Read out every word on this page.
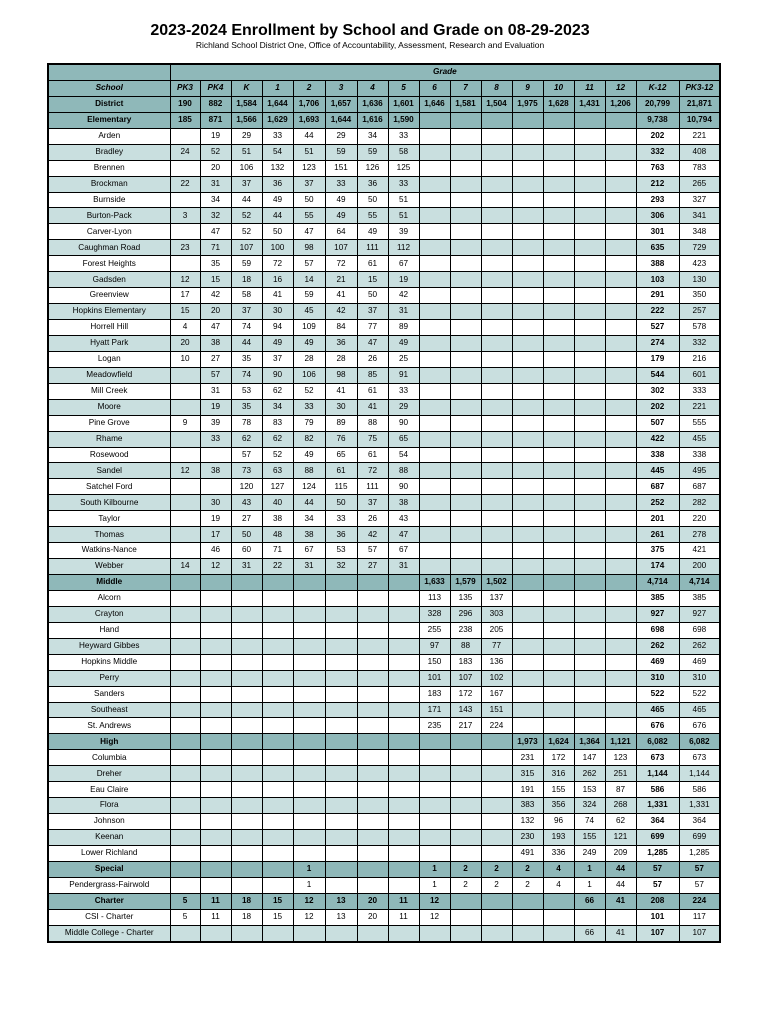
2023-2024 Enrollment by School and Grade on 08-29-2023
Richland School District One, Office of Accountability, Assessment, Research and Evaluation
	Grade																
School	PK3	PK4	K	1	2	3	4	5	6	7	8	9	10	11	12	K-12	PK3-12
District	190	882	1,584	1,644	1,706	1,657	1,636	1,601	1,646	1,581	1,504	1,975	1,628	1,431	1,206	20,799	21,871
Elementary	185	871	1,566	1,629	1,693	1,644	1,616	1,590								9,738	10,794
Arden		19	29	33	44	29	34	33								202	221
Bradley	24	52	51	54	51	59	59	58								332	408
Brennen		20	106	132	123	151	126	125								763	783
Brockman	22	31	37	36	37	33	36	33								212	265
Burnside		34	44	49	50	49	50	51								293	327
Burton-Pack	3	32	52	44	55	49	55	51								306	341
Carver-Lyon		47	52	50	47	64	49	39								301	348
Caughman Road	23	71	107	100	98	107	111	112								635	729
Forest Heights		35	59	72	57	72	61	67								388	423
Gadsden	12	15	18	16	14	21	15	19								103	130
Greenview	17	42	58	41	59	41	50	42								291	350
Hopkins Elementary	15	20	37	30	45	42	37	31								222	257
Horrell Hill	4	47	74	94	109	84	77	89								527	578
Hyatt Park	20	38	44	49	49	36	47	49								274	332
Logan	10	27	35	37	28	28	26	25								179	216
Meadowfield		57	74	90	106	98	85	91								544	601
Mill Creek		31	53	62	52	41	61	33								302	333
Moore		19	35	34	33	30	41	29								202	221
Pine Grove	9	39	78	83	79	89	88	90								507	555
Rhame		33	62	62	82	76	75	65								422	455
Rosewood			57	52	49	65	61	54								338	338
Sandel	12	38	73	63	88	61	72	88								445	495
Satchel Ford			120	127	124	115	111	90								687	687
South Kilbourne		30	43	40	44	50	37	38								252	282
Taylor		19	27	38	34	33	26	43								201	220
Thomas		17	50	48	38	36	42	47								261	278
Watkins-Nance		46	60	71	67	53	57	67								375	421
Webber	14	12	31	22	31	32	27	31								174	200
Middle									1,633	1,579	1,502					4,714	4,714
Alcorn									113	135	137					385	385
Crayton									328	296	303					927	927
Hand									255	238	205					698	698
Heyward Gibbes									97	88	77					262	262
Hopkins Middle									150	183	136					469	469
Perry									101	107	102					310	310
Sanders									183	172	167					522	522
Southeast									171	143	151					465	465
St. Andrews									235	217	224					676	676
High												1,973	1,624	1,364	1,121	6,082	6,082
Columbia												231	172	147	123	673	673
Dreher												315	316	262	251	1,144	1,144
Eau Claire												191	155	153	87	586	586
Flora												383	356	324	268	1,331	1,331
Johnson												132	96	74	62	364	364
Keenan												230	193	155	121	699	699
Lower Richland												491	336	249	209	1,285	1,285
Special					1				1	2	2	2	4	1	44	57	57
Pendergrass-Fairwold					1				1	2	2	2	4	1	44	57	57
Charter	5	11	18	15	12	13	20	11	12					66	41	208	224
CSI - Charter	5	11	18	15	12	13	20	11	12							101	117
Middle College - Charter														66	41	107	107
